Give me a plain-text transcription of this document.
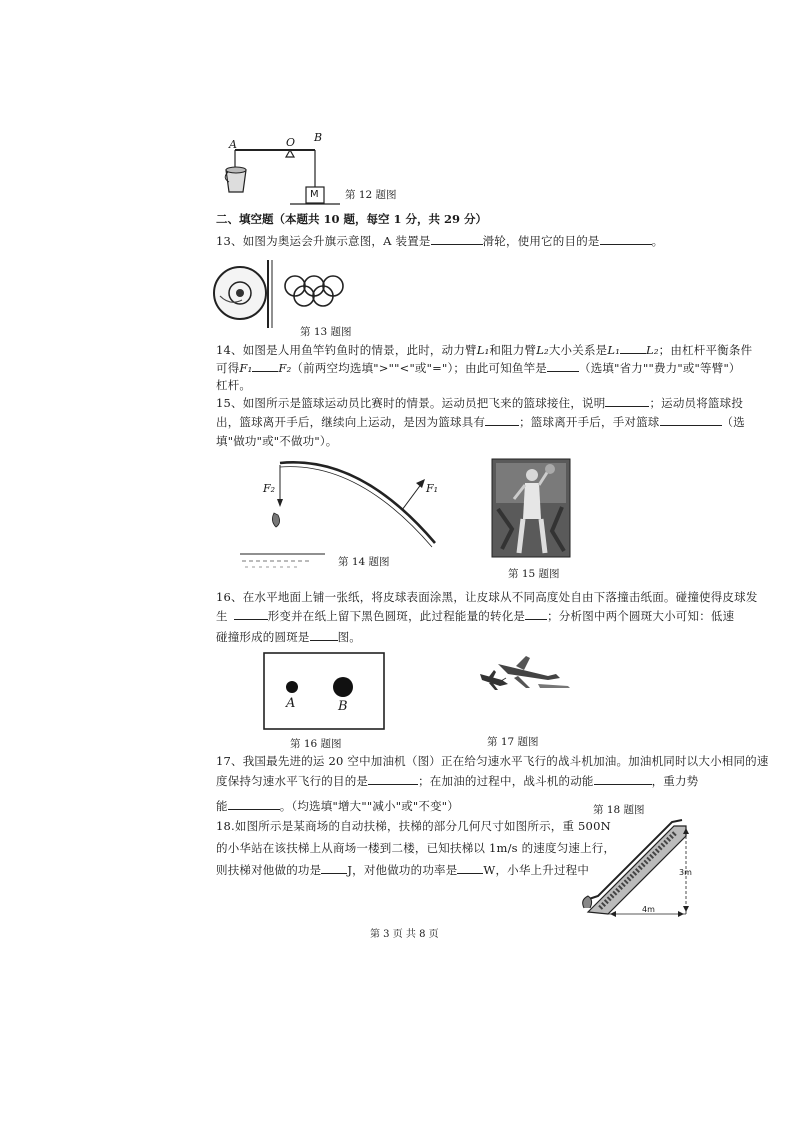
A	O B
M	第 12 题图
二、填空题（本题共 10 题，每空 1 分，共 29 分）
13、如图为奥运会升旗示意图，A 装置是	滑轮，使用它的目的是	。
第 13 题图
14、如图是人用鱼竿钓鱼时的情景，此时，动力臂L₁和阻力臂L₂大小关系是L₁ L₂；由杠杆平衡条件
可得F₁ F₂（前两空均选填">""<"或"="）；由此可知鱼竿是	（选填"省力""费力"或"等臂"）
杠杆。
15、如图所示是篮球运动员比赛时的情景。运动员把飞来的篮球接住，说明	；运动员将篮球投
出，篮球离开手后，继续向上运动，是因为篮球具有	；篮球离开手后，手对篮球	（选
填"做功"或"不做功"）。
F₂	F₁
第 14 题图
第 15 题图
16、在水平地面上铺一张纸，将皮球表面涂黑，让皮球从不同高度处自由下落撞击纸面。碰撞使得皮球发
生	形变并在纸上留下黑色圆斑，此过程能量的转化是 ；分析图中两个圆斑大小可知：低速
碰撞形成的圆斑是 图。
A	B
第 16 题图	第 17 题图
17、我国最先进的运 20 空中加油机（图）正在给匀速水平飞行的战斗机加油。加油机同时以大小相同的速
度保持匀速水平飞行的目的是	；在加油的过程中，战斗机的动能	，重力势
能	。（均选填"增大""减小"或"不变"）	第 18 题图
18.如图所示是某商场的自动扶梯，扶梯的部分几何尺寸如图所示，重 500N
的小华站在该扶梯上从商场一楼到二楼，已知扶梯以 1m/s 的速度匀速上行，
则扶梯对他做的功是 J，对他做功的功率是 W，小华上升过程中	3m
4m
第 3 页 共 8 页
